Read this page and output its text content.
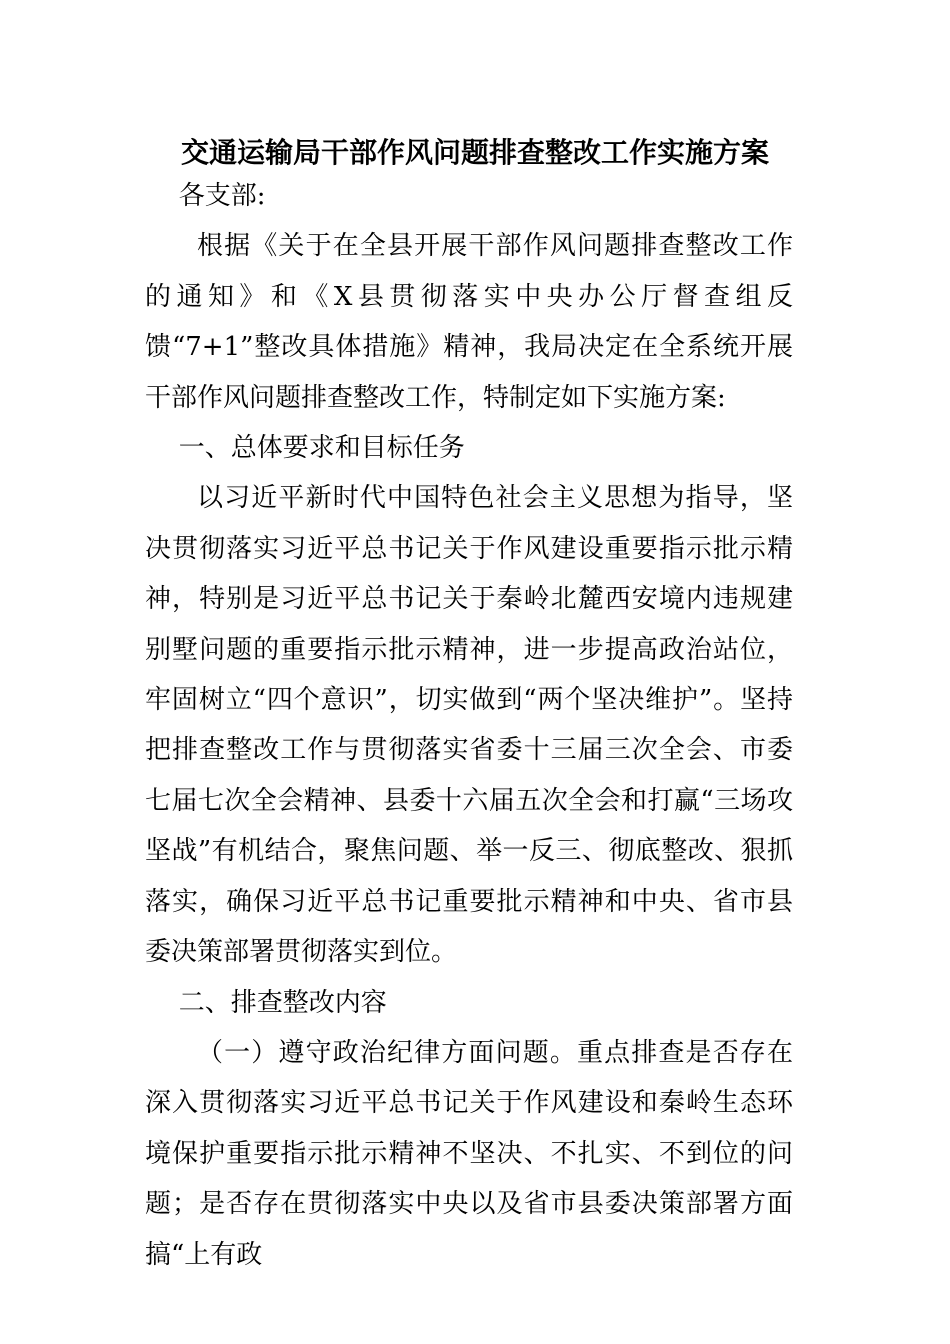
交通运输局干部作风问题排查整改工作实施方案

各支部:

根据《关于在全县开展干部作风问题排查整改工作的通知》和《X县贯彻落实中央办公厅督查组反馈“7+1”整改具体措施》精神，我局决定在全系统开展干部作风问题排查整改工作，特制定如下实施方案:

一、总体要求和目标任务

以习近平新时代中国特色社会主义思想为指导，坚决贯彻落实习近平总书记关于作风建设重要指示批示精神，特别是习近平总书记关于秦岭北麓西安境内违规建别墅问题的重要指示批示精神，进一步提高政治站位，牢固树立“四个意识”，切实做到“两个坚决维护”。坚持把排查整改工作与贯彻落实省委十三届三次全会、市委七届七次全会精神、县委十六届五次全会和打赢“三场攻坚战”有机结合，聚焦问题、举一反三、彻底整改、狠抓落实，确保习近平总书记重要批示精神和中央、省市县委决策部署贯彻落实到位。

二、排查整改内容

（一）遵守政治纪律方面问题。重点排查是否存在深入贯彻落实习近平总书记关于作风建设和秦岭生态环境保护重要指示批示精神不坚决、不扎实、不到位的问题；是否存在贯彻落实中央以及省市县委决策部署方面搞“上有政
